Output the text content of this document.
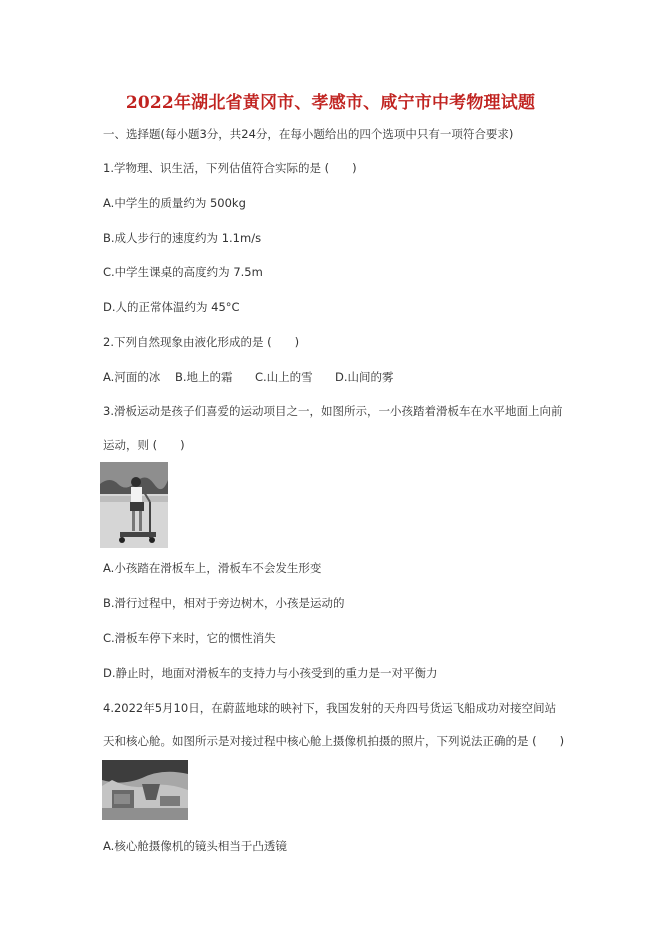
2022年湖北省黄冈市、孝感市、咸宁市中考物理试题
一、选择题(每小题3分，共24分，在每小题给出的四个选项中只有一项符合要求)
1.学物理、识生活，下列估值符合实际的是 (　　)
A.中学生的质量约为 500kg
B.成人步行的速度约为 1.1m/s
C.中学生课桌的高度约为 7.5m
D.人的正常体温约为 45°C
2.下列自然现象由液化形成的是 (　　)
A.河面的冰 B.地上的霜 C.山上的雪 D.山间的雾
3.滑板运动是孩子们喜爱的运动项目之一，如图所示，一小孩踏着滑板车在水平地面上向前
运动，则 (　　)
A.小孩踏在滑板车上，滑板车不会发生形变
B.滑行过程中，相对于旁边树木，小孩是运动的
C.滑板车停下来时，它的惯性消失
D.静止时，地面对滑板车的支持力与小孩受到的重力是一对平衡力
4.2022年5月10日，在蔚蓝地球的映衬下，我国发射的天舟四号货运飞船成功对接空间站
天和核心舱。如图所示是对接过程中核心舱上摄像机拍摄的照片，下列说法正确的是 (　　)
A.核心舱摄像机的镜头相当于凸透镜
